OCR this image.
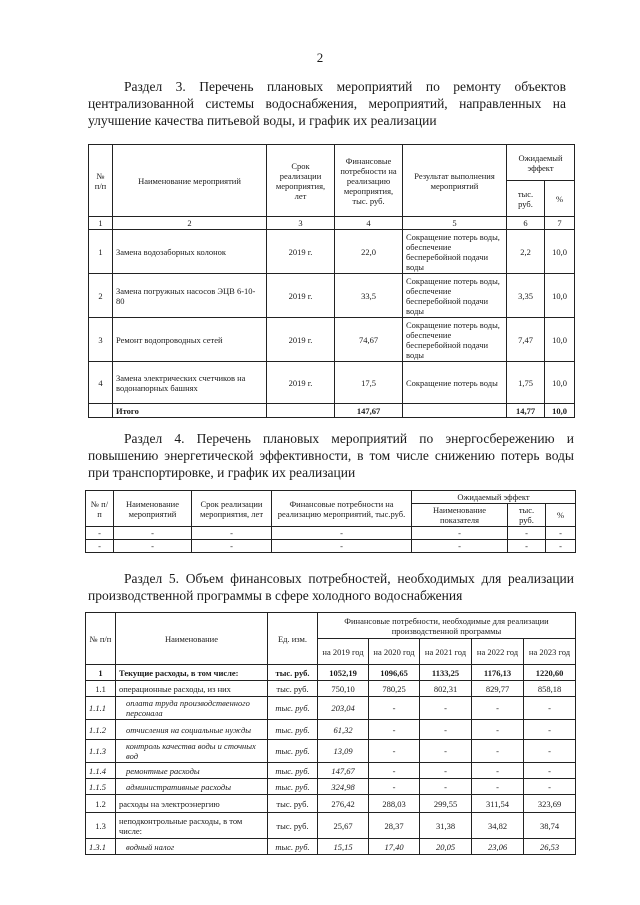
2
Раздел 3. Перечень плановых мероприятий по ремонту объектов централизованной системы водоснабжения, мероприятий, направленных на улучшение качества питьевой воды, и график их реализации
№ п/п	Наименование мероприятий	Срок реализации мероприятия, лет	Финансовые потребности на реализацию мероприятия, тыс. руб.	Результат выполнения мероприятий	Ожидаемый эффект	
					тыс. руб.	%
1	2	3	4	5	6	7
1	Замена водозаборных колонок	2019 г.	22,0	Сокращение потерь воды, обеспечение бесперебойной подачи воды	2,2	10,0
2	Замена погружных насосов ЭЦВ 6-10-80	2019 г.	33,5	Сокращение потерь воды, обеспечение бесперебойной подачи воды	3,35	10,0
3	Ремонт водопроводных сетей	2019 г.	74,67	Сокращение потерь воды, обеспечение бесперебойной подачи воды	7,47	10,0
4	Замена электрических счетчиков на водонапорных башнях	2019 г.	17,5	Сокращение потерь воды	1,75	10,0
	Итого		147,67		14,77	10,0
Раздел 4. Перечень плановых мероприятий по энергосбережению и повышению энергетической эффективности, в том числе снижению потерь воды при транспортировке, и график их реализации
№ п/п	Наименование мероприятий	Срок реализации мероприятия, лет	Финансовые потребности на реализацию мероприятий, тыс.руб.	Ожидаемый эффект		
				Наименование показателя	тыс. руб.	%
-	-	-	-	-	-	-
-	-	-	-	-	-	-
Раздел 5. Объем финансовых потребностей, необходимых для реализации производственной программы в сфере холодного водоснабжения
№ п/п	Наименование	Ед. изм.	Финансовые потребности, необходимые для реализации производственной программы				
			на 2019 год	на 2020 год	на 2021 год	на 2022 год	на 2023 год
1	Текущие расходы, в том числе:	тыс. руб.	1052,19	1096,65	1133,25	1176,13	1220,60
1.1	операционные расходы, из них	тыс. руб.	750,10	780,25	802,31	829,77	858,18
1.1.1	оплата труда производственного персонала	тыс. руб.	203,04	-	-	-	-
1.1.2	отчисления на социальные нужды	тыс. руб.	61,32	-	-	-	-
1.1.3	контроль качества воды и сточных вод	тыс. руб.	13,09	-	-	-	-
1.1.4	ремонтные расходы	тыс. руб.	147,67	-	-	-	-
1.1.5	административные расходы	тыс. руб.	324,98	-	-	-	-
1.2	расходы на электроэнергию	тыс. руб.	276,42	288,03	299,55	311,54	323,69
1.3	неподконтрольные расходы, в том числе:	тыс. руб.	25,67	28,37	31,38	34,82	38,74
1.3.1	водный налог	тыс. руб.	15,15	17,40	20,05	23,06	26,53
